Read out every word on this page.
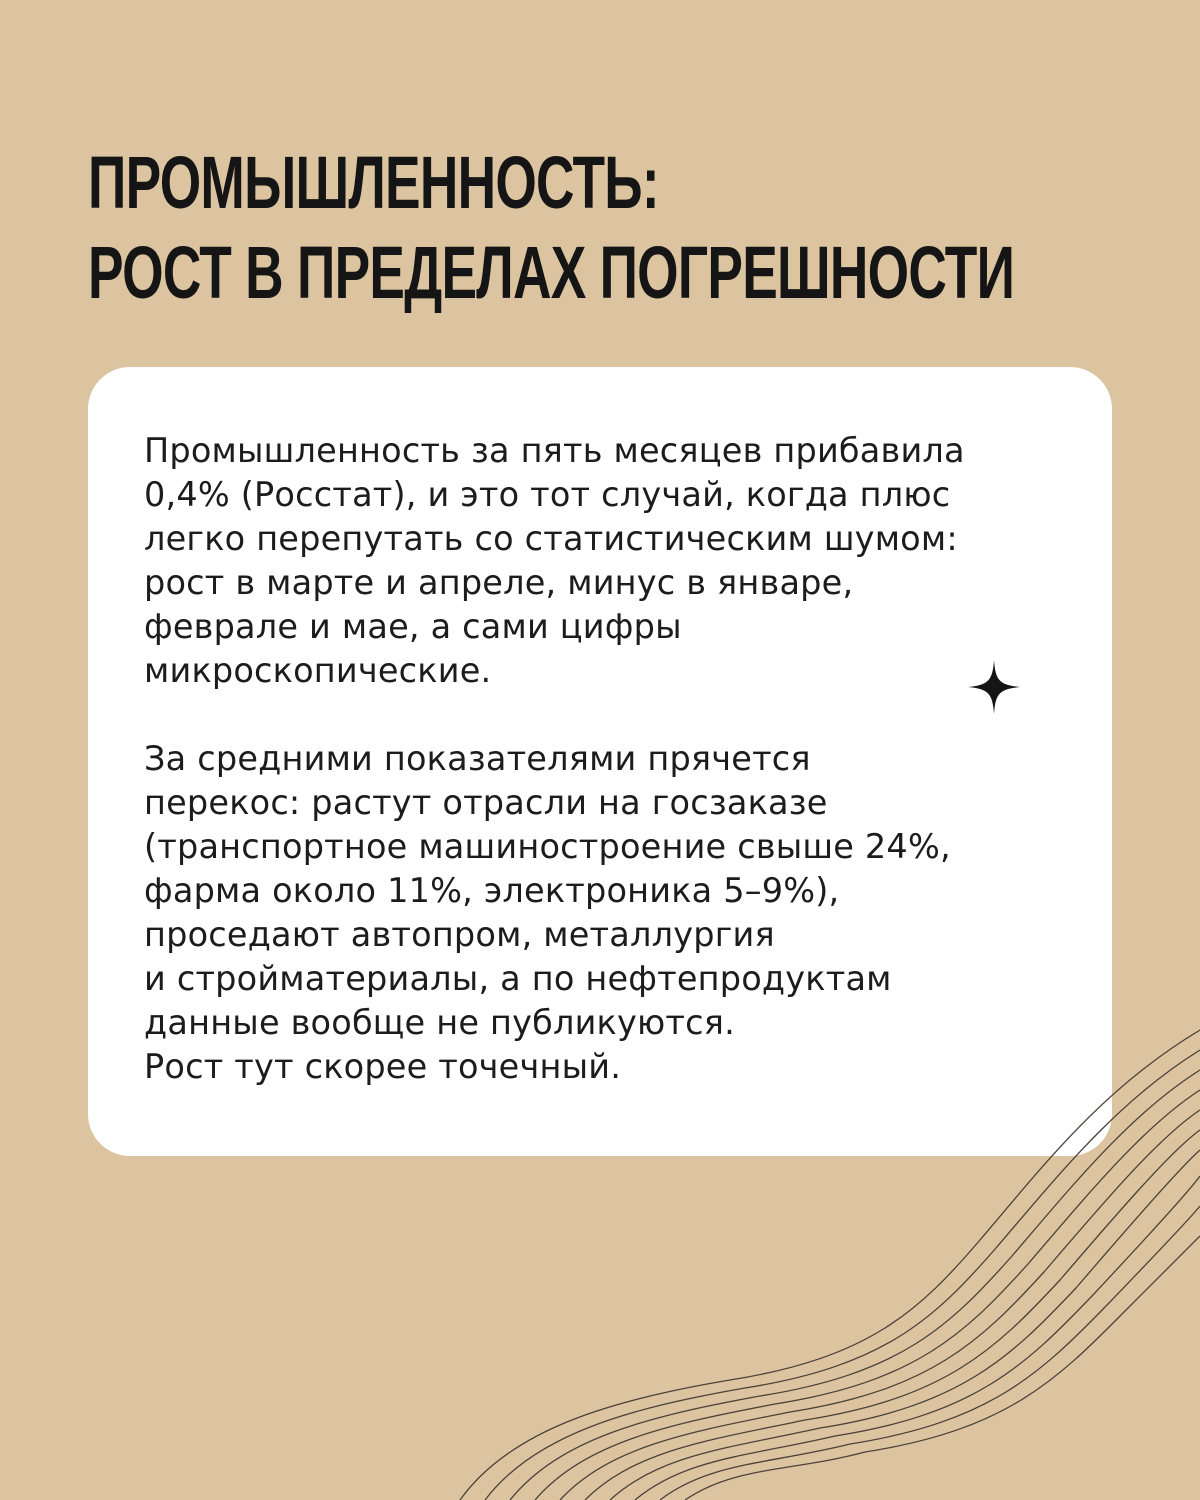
ПРОМЫШЛЕННОСТЬ:
РОСТ В ПРЕДЕЛАХ ПОГРЕШНОСТИ

Промышленность за пять месяцев прибавила
0,4% (Росстат), и это тот случай, когда плюс
легко перепутать со статистическим шумом:
рост в марте и апреле, минус в январе,
феврале и мае, а сами цифры
микроскопические.

За средними показателями прячется
перекос: растут отрасли на госзаказе
(транспортное машиностроение свыше 24%,
фарма около 11%, электроника 5–9%),
проседают автопром, металлургия
и стройматериалы, а по нефтепродуктам
данные вообще не публикуются.
Рост тут скорее точечный.
